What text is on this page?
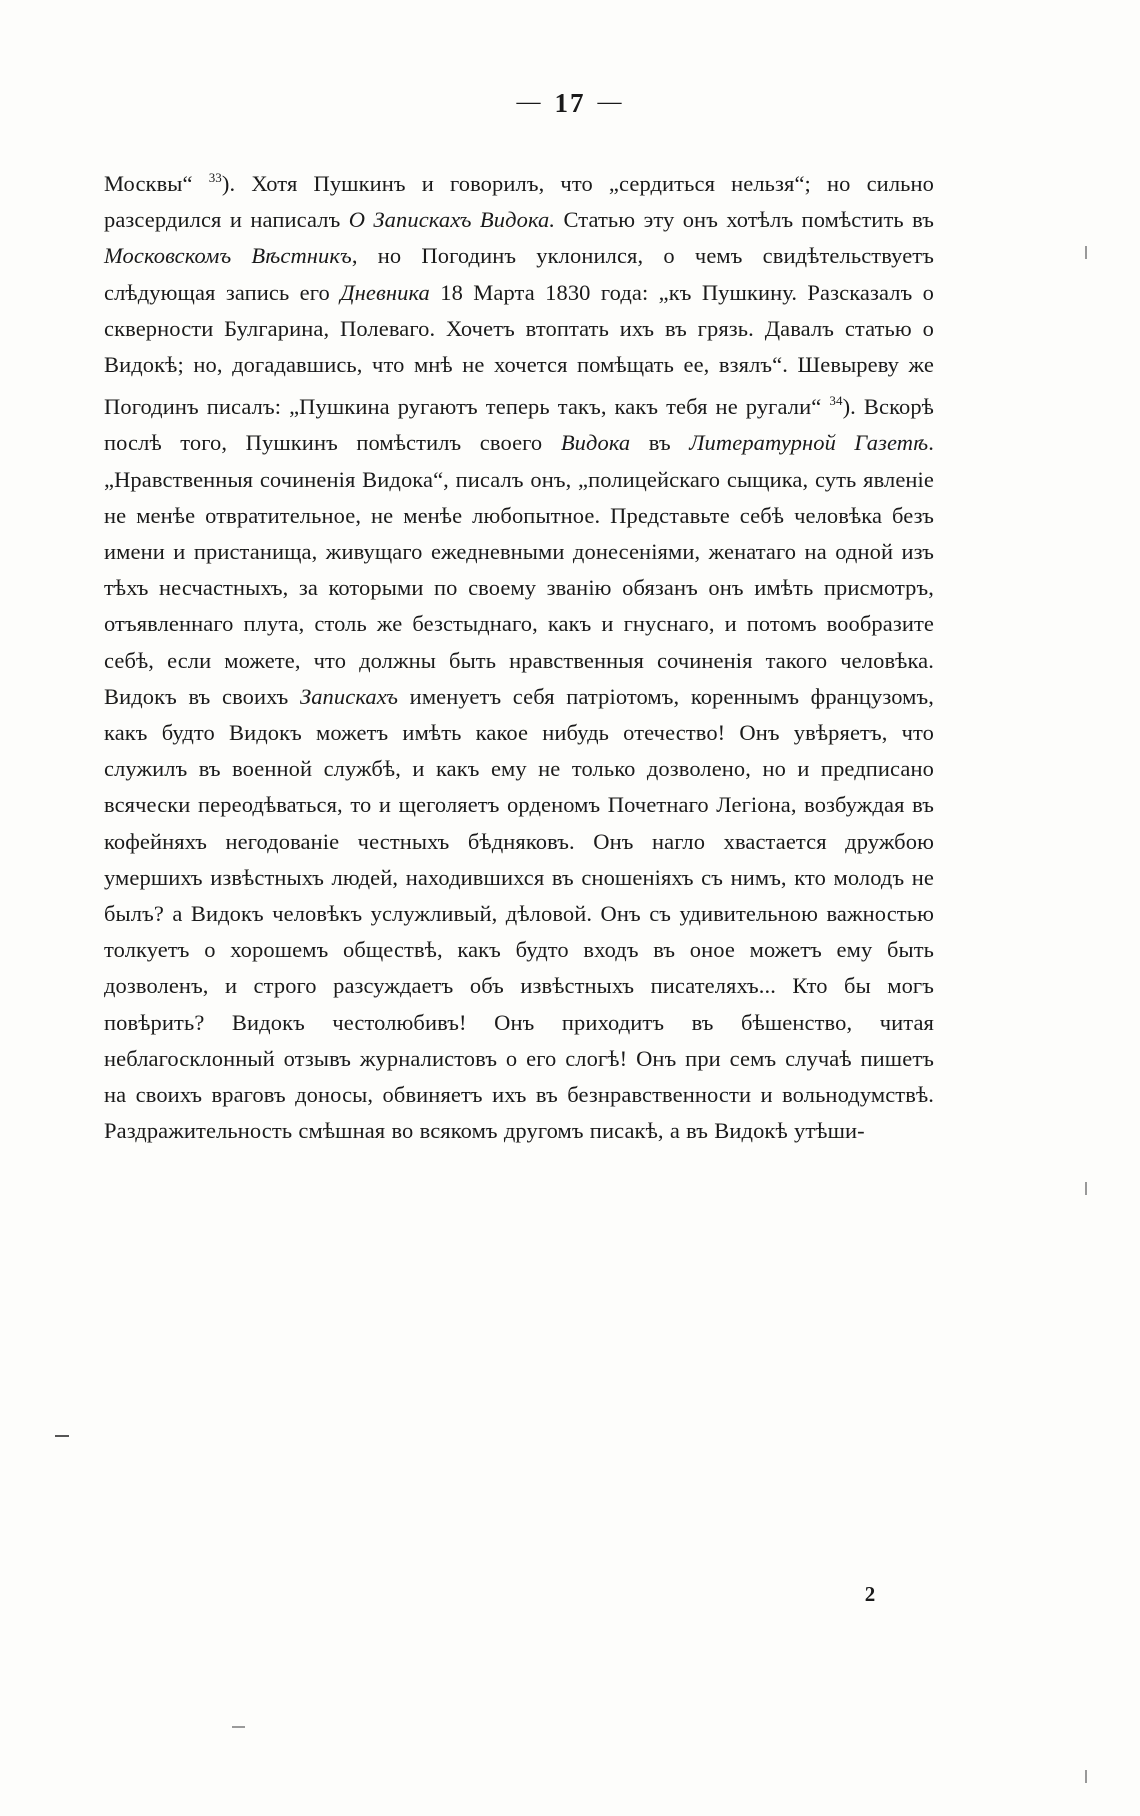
— 17 —

Москвы“ $^{33}$). Хотя Пушкинъ и говорилъ, что „сердиться нельзя“; но сильно разсердился и написалъ О Запискахъ Видока. Статью эту онъ хотѣлъ помѣстить въ Московскомъ Вѣстникъ, но Погодинъ уклонился, о чемъ свидѣтельствуетъ слѣдующая запись его Дневника 18 Марта 1830 года: „къ Пушкину. Разсказалъ о скверности Булгарина, Полеваго. Хочетъ втоптать ихъ въ грязь. Давалъ статью о Видокѣ; но, догадавшись, что мнѣ не хочется помѣщать ее, взялъ“. Шевыреву же Погодинъ писалъ: „Пушкина ругаютъ теперь такъ, какъ тебя не ругали“ $^{34}$). Вскорѣ послѣ того, Пушкинъ помѣстилъ своего Видока въ Литературной Газетѣ. „Нравственныя сочиненія Видока“, писалъ онъ, „полицейскаго сыщика, суть явленіе не менѣе отвратительное, не менѣе любопытное. Представьте себѣ человѣка безъ имени и пристанища, живущаго ежедневными донесеніями, женатаго на одной изъ тѣхъ несчастныхъ, за которыми по своему званію обязанъ онъ имѣть присмотръ, отъявленнаго плута, столь же безстыднаго, какъ и гнуснаго, и потомъ вообразите себѣ, если можете, что должны быть нравственныя сочиненія такого человѣка. Видокъ въ своихъ Запискахъ именуетъ себя патріотомъ, кореннымъ французомъ, какъ будто Видокъ можетъ имѣть какое нибудь отечество! Онъ увѣряетъ, что служилъ въ военной службѣ, и какъ ему не только дозволено, но и предписано всячески переодѣваться, то и щеголяетъ орденомъ Почетнаго Легіона, возбуждая въ кофейняхъ негодованіе честныхъ бѣдняковъ. Онъ нагло хвастается дружбою умершихъ извѣстныхъ людей, находившихся въ сношеніяхъ съ нимъ, кто молодъ не былъ? а Видокъ человѣкъ услужливый, дѣловой. Онъ съ удивительною важностью толкуетъ о хорошемъ обществѣ, какъ будто входъ въ оное можетъ ему быть дозволенъ, и строго разсуждаетъ объ извѣстныхъ писателяхъ... Кто бы могъ повѣрить? Видокъ честолюбивъ! Онъ приходитъ въ бѣшенство, читая неблагосклонный отзывъ журналистовъ о его слогѣ! Онъ при семъ случаѣ пишетъ на своихъ враговъ доносы, обвиняетъ ихъ въ безнравственности и вольнодумствѣ. Раздражительность смѣшная во всякомъ другомъ писакѣ, а въ Видокѣ утѣши-

2
